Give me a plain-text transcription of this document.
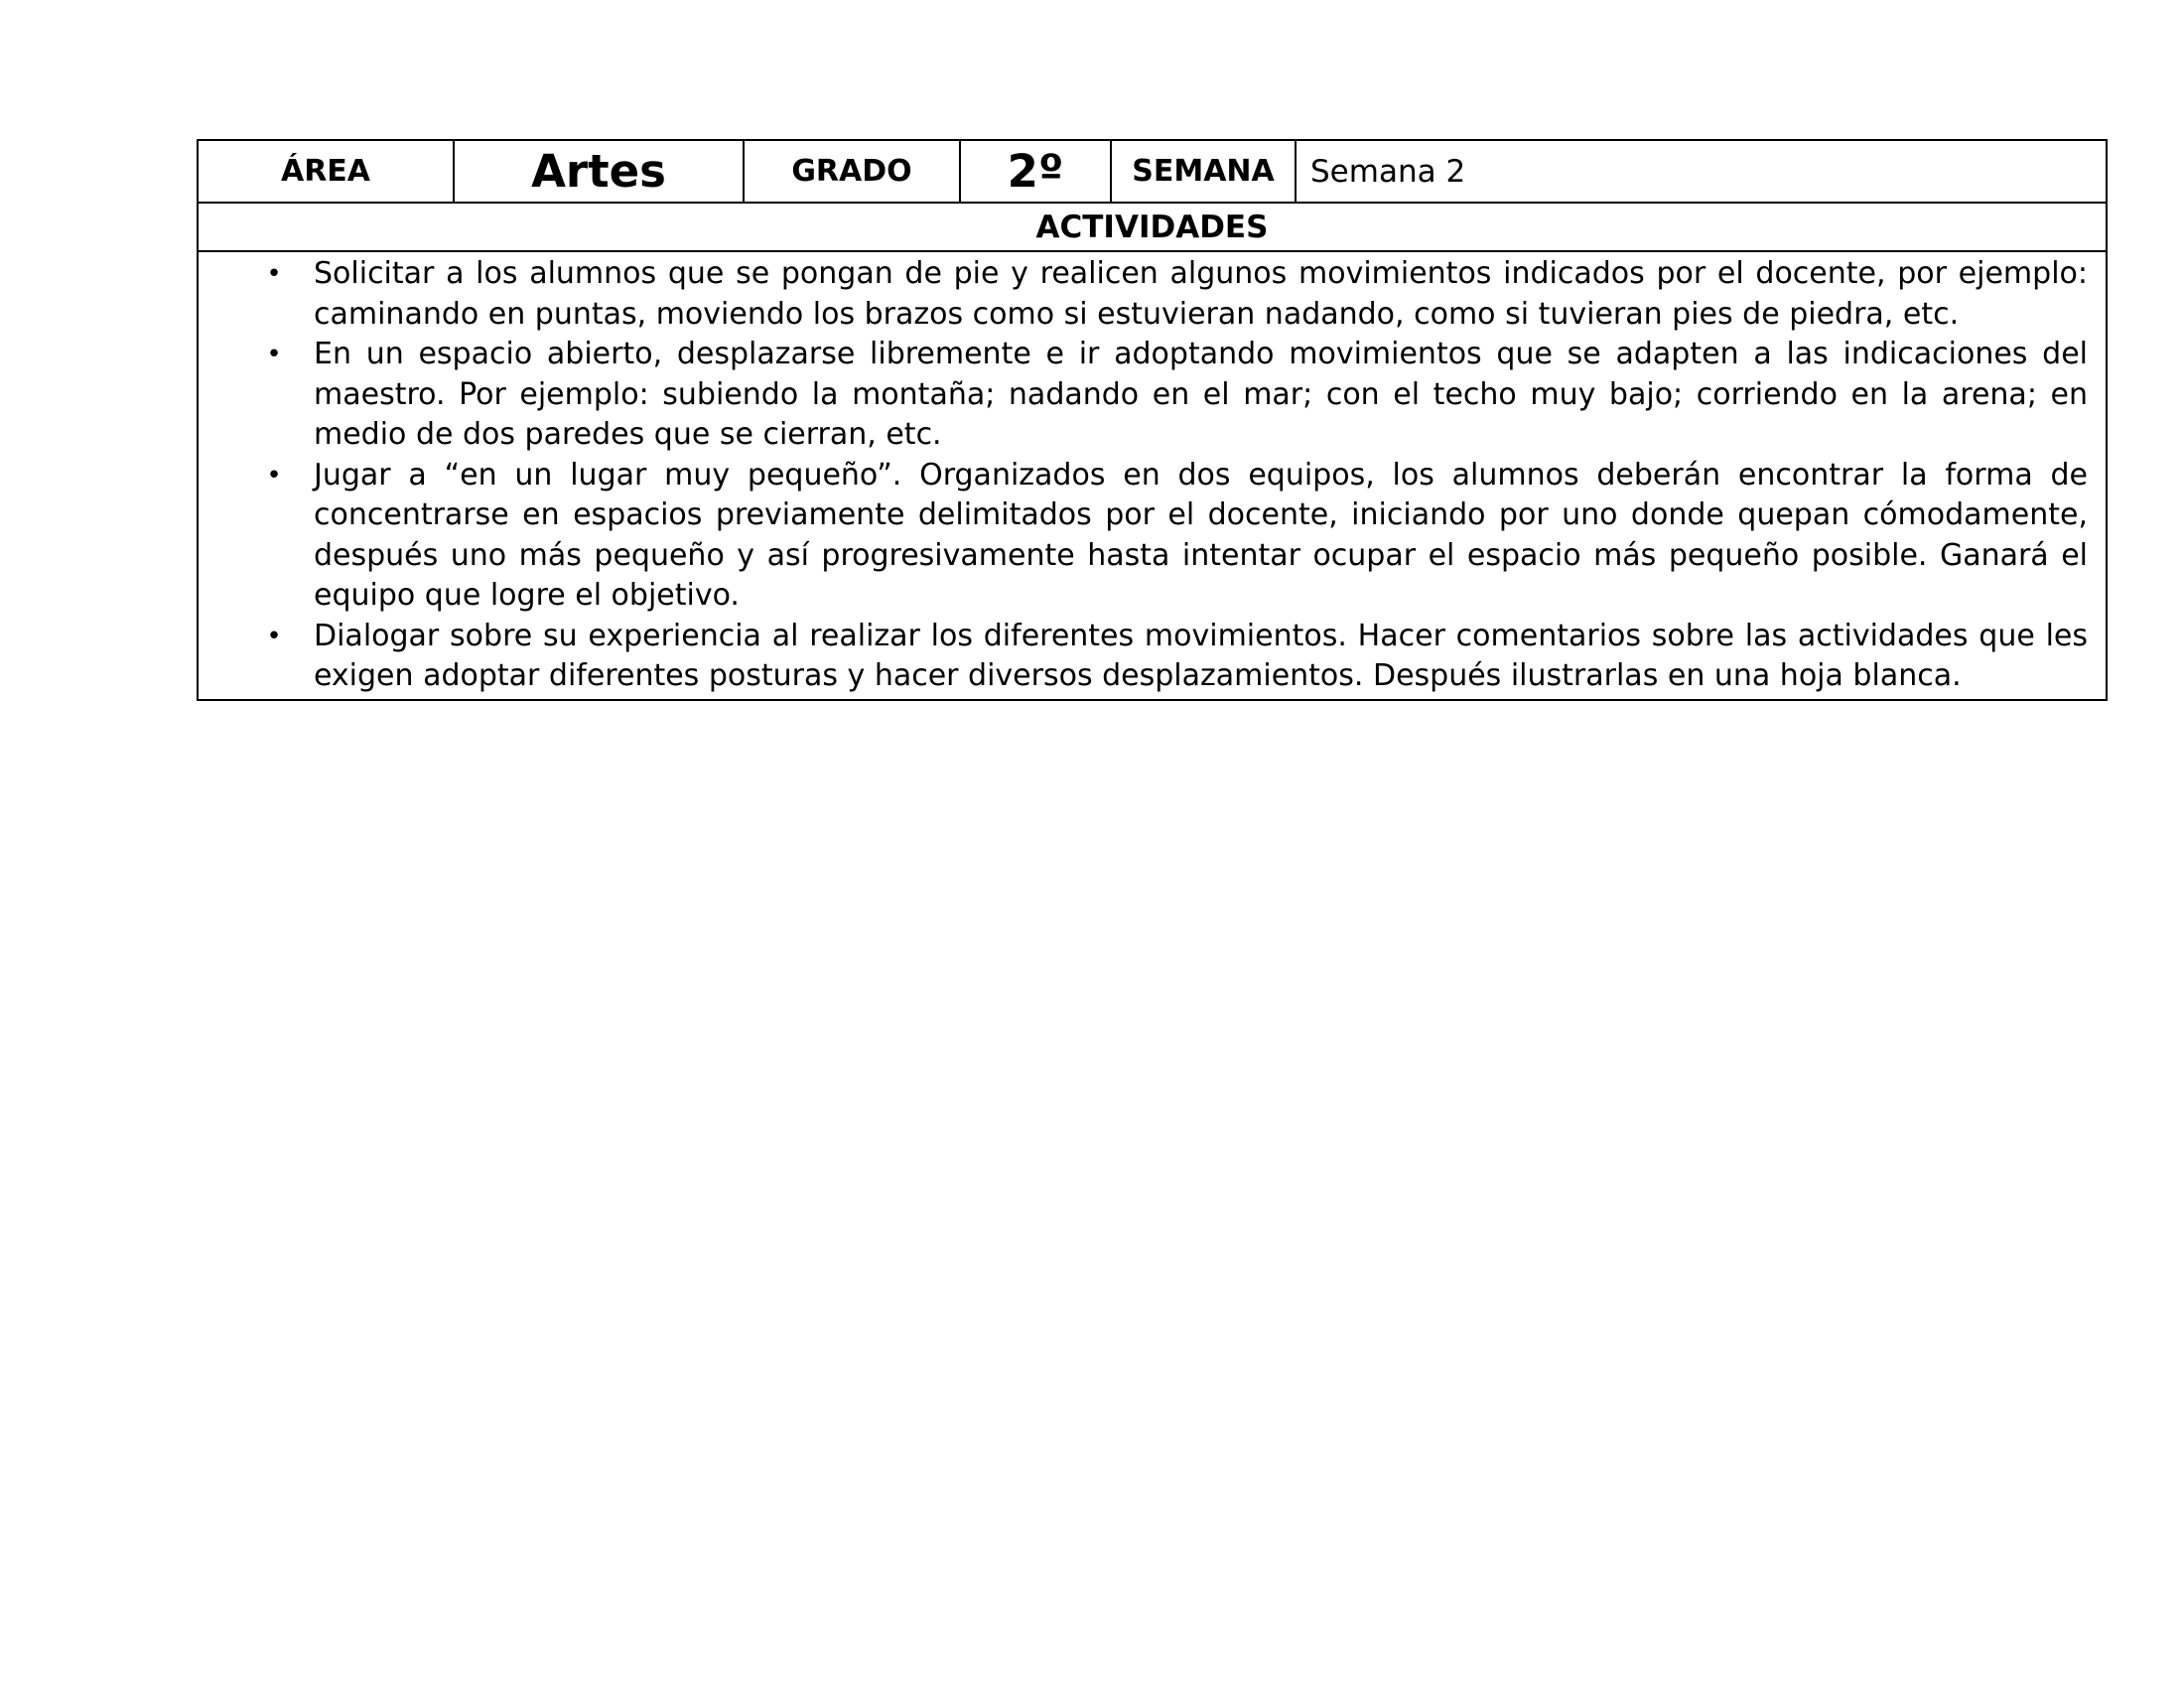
ÁREA	Artes	GRADO	2º	SEMANA	Semana 2
ACTIVIDADES

• Solicitar a los alumnos que se pongan de pie y realicen algunos movimientos indicados por el docente, por ejemplo: caminando en puntas, moviendo los brazos como si estuvieran nadando, como si tuvieran pies de piedra, etc.
• En un espacio abierto, desplazarse libremente e ir adoptando movimientos que se adapten a las indicaciones del maestro. Por ejemplo: subiendo la montaña; nadando en el mar; con el techo muy bajo; corriendo en la arena; en medio de dos paredes que se cierran, etc.
• Jugar a “en un lugar muy pequeño”. Organizados en dos equipos, los alumnos deberán encontrar la forma de concentrarse en espacios previamente delimitados por el docente, iniciando por uno donde quepan cómodamente, después uno más pequeño y así progresivamente hasta intentar ocupar el espacio más pequeño posible. Ganará el equipo que logre el objetivo.
• Dialogar sobre su experiencia al realizar los diferentes movimientos. Hacer comentarios sobre las actividades que les exigen adoptar diferentes posturas y hacer diversos desplazamientos. Después ilustrarlas en una hoja blanca.
